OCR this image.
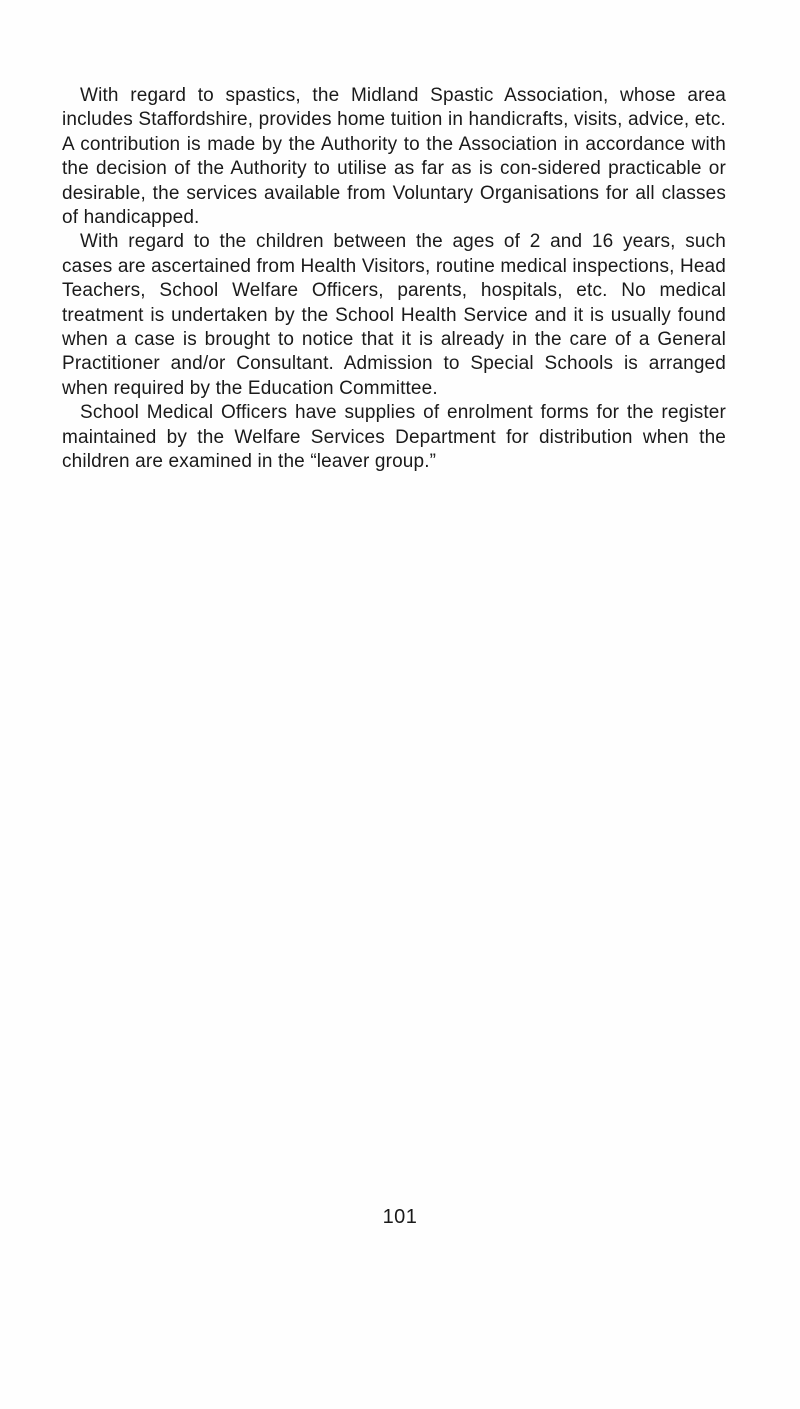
With regard to spastics, the Midland Spastic Association, whose area includes Staffordshire, provides home tuition in handicrafts, visits, advice, etc. A contribution is made by the Authority to the Association in accordance with the decision of the Authority to utilise as far as is con-sidered practicable or desirable, the services available from Voluntary Organisations for all classes of handicapped.

With regard to the children between the ages of 2 and 16 years, such cases are ascertained from Health Visitors, routine medical inspections, Head Teachers, School Welfare Officers, parents, hospitals, etc. No medical treatment is undertaken by the School Health Service and it is usually found when a case is brought to notice that it is already in the care of a General Practitioner and/or Consultant. Admission to Special Schools is arranged when required by the Education Committee.

School Medical Officers have supplies of enrolment forms for the register maintained by the Welfare Services Department for distribution when the children are examined in the “leaver group.”

101
